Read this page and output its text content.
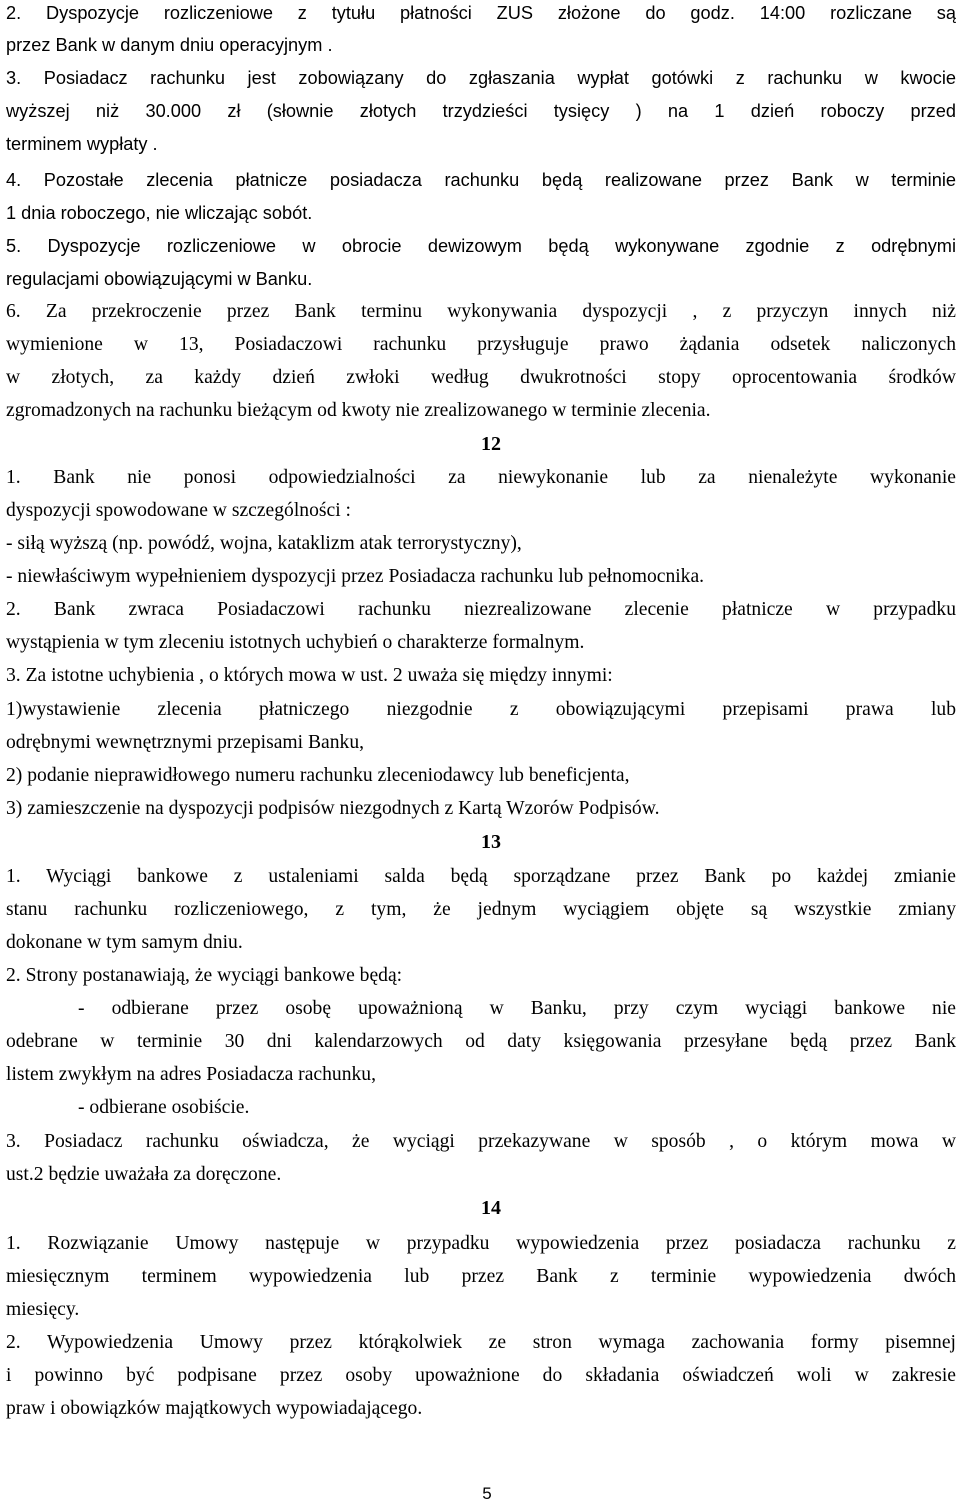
2. Dyspozycje rozliczeniowe z tytułu płatności ZUS złożone do godz. 14:00 rozliczane są

przez Bank w danym dniu operacyjnym .

3. Posiadacz rachunku jest zobowiązany do zgłaszania wypłat gotówki z rachunku w kwocie

wyższej niż 30.000 zł (słownie złotych trzydzieści tysięcy ) na 1 dzień roboczy przed

terminem wypłaty .

4. Pozostałe zlecenia płatnicze posiadacza rachunku będą realizowane przez Bank w terminie

1 dnia roboczego, nie wliczając sobót.

5. Dyspozycje rozliczeniowe w obrocie dewizowym będą wykonywane zgodnie z odrębnymi

regulacjami obowiązującymi w Banku.

6. Za przekroczenie przez Bank terminu wykonywania dyspozycji , z przyczyn innych niż

wymienione w 13, Posiadaczowi rachunku przysługuje prawo żądania odsetek naliczonych

w złotych, za każdy dzień zwłoki według dwukrotności stopy oprocentowania środków

zgromadzonych na rachunku bieżącym od kwoty nie zrealizowanego w terminie zlecenia.

12

1. Bank nie ponosi odpowiedzialności za niewykonanie lub za nienależyte wykonanie

dyspozycji spowodowane w szczególności :

- siłą wyższą (np. powódź, wojna, kataklizm atak terrorystyczny),

- niewłaściwym wypełnieniem dyspozycji przez Posiadacza rachunku lub pełnomocnika.

2. Bank zwraca Posiadaczowi rachunku niezrealizowane zlecenie płatnicze w przypadku

wystąpienia w tym zleceniu istotnych uchybień o charakterze formalnym.

3. Za istotne uchybienia , o których mowa w ust. 2 uważa się między innymi:

1)wystawienie zlecenia płatniczego niezgodnie z obowiązującymi przepisami prawa lub

odrębnymi wewnętrznymi przepisami Banku,

2) podanie nieprawidłowego numeru rachunku zleceniodawcy lub beneficjenta,

3) zamieszczenie na dyspozycji podpisów niezgodnych z Kartą Wzorów Podpisów.

13

1. Wyciągi bankowe z ustaleniami salda będą sporządzane przez Bank po każdej zmianie

stanu rachunku rozliczeniowego, z tym, że jednym wyciągiem objęte są wszystkie zmiany

dokonane w tym samym dniu.

2. Strony postanawiają, że wyciągi bankowe będą:

- odbierane przez osobę upoważnioną w Banku, przy czym wyciągi bankowe nie

odebrane w terminie 30 dni kalendarzowych od daty księgowania przesyłane będą przez Bank

listem zwykłym na adres Posiadacza rachunku,

- odbierane osobiście.

3. Posiadacz rachunku oświadcza, że wyciągi przekazywane w sposób , o którym mowa w

ust.2 będzie uważała za doręczone.

14

1. Rozwiązanie Umowy następuje w przypadku wypowiedzenia przez posiadacza rachunku z

miesięcznym terminem wypowiedzenia lub przez Bank z terminie wypowiedzenia dwóch

miesięcy.

2. Wypowiedzenia Umowy przez którąkolwiek ze stron wymaga zachowania formy pisemnej

i powinno być podpisane przez osoby upoważnione do składania oświadczeń woli w zakresie

praw i obowiązków majątkowych wypowiadającego.

5
